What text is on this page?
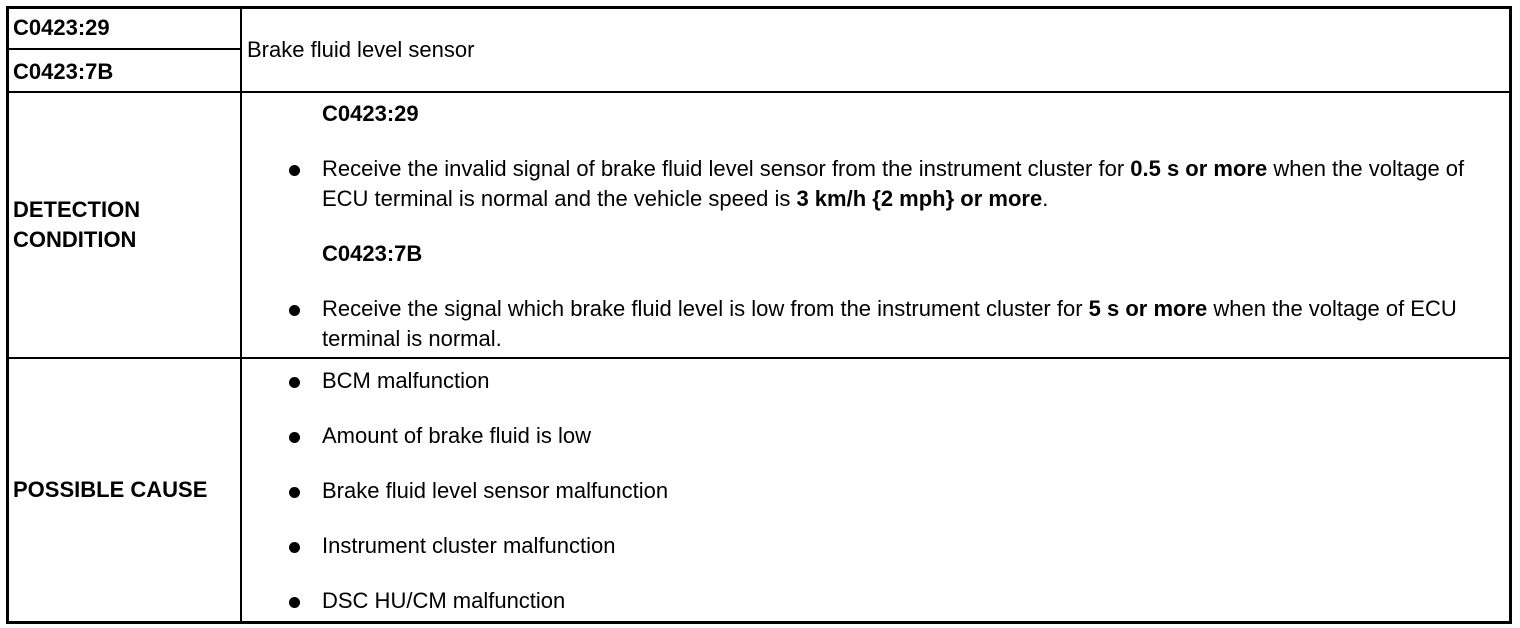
C0423:29
C0423:7B
Brake fluid level sensor
DETECTION
CONDITION
C0423:29
Receive the invalid signal of brake fluid level sensor from the instrument cluster for 0.5 s or more when the voltage of ECU terminal is normal and the vehicle speed is 3 km/h {2 mph} or more.
C0423:7B
Receive the signal which brake fluid level is low from the instrument cluster for 5 s or more when the voltage of ECU terminal is normal.
POSSIBLE CAUSE
BCM malfunction
Amount of brake fluid is low
Brake fluid level sensor malfunction
Instrument cluster malfunction
DSC HU/CM malfunction
